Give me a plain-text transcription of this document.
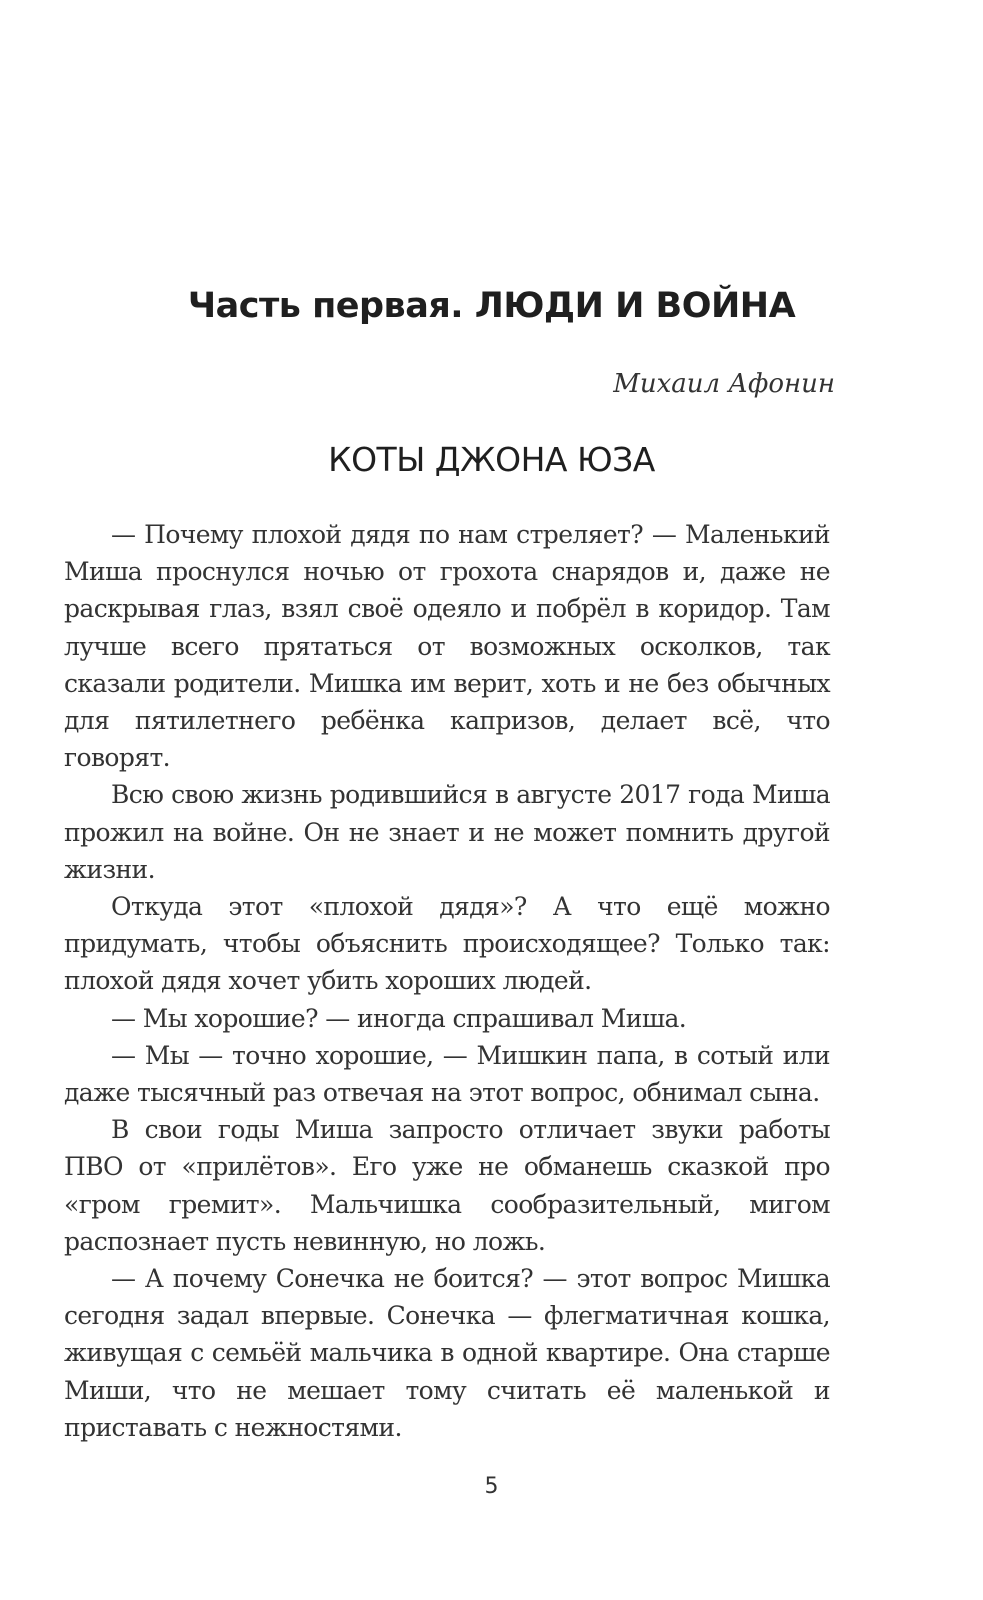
Часть первая. ЛЮДИ И ВОЙНА
Михаил Афонин
КОТЫ ДЖОНА ЮЗА

— Почему плохой дядя по нам стреляет? — Маленький Миша проснулся ночью от грохота снарядов и, даже не раскрывая глаз, взял своё одеяло и побрёл в коридор. Там лучше всего прятаться от возможных осколков, так сказали родители. Мишка им верит, хоть и не без обычных для пятилетнего ребёнка капризов, делает всё, что говорят.

Всю свою жизнь родившийся в августе 2017 года Миша прожил на войне. Он не знает и не может помнить другой жизни.

Откуда этот «плохой дядя»? А что ещё можно придумать, чтобы объяснить происходящее? Только так: плохой дядя хочет убить хороших людей.

— Мы хорошие? — иногда спрашивал Миша.

— Мы — точно хорошие, — Мишкин папа, в сотый или даже тысячный раз отвечая на этот вопрос, обнимал сына.

В свои годы Миша запросто отличает звуки работы ПВО от «прилётов». Его уже не обманешь сказкой про «гром гремит». Мальчишка сообразительный, мигом распознает пусть невинную, но ложь.

— А почему Сонечка не боится? — этот вопрос Мишка сегодня задал впервые. Сонечка — флегматичная кошка, живущая с семьёй мальчика в одной квартире. Она старше Миши, что не мешает тому считать её маленькой и приставать с нежностями.

5
